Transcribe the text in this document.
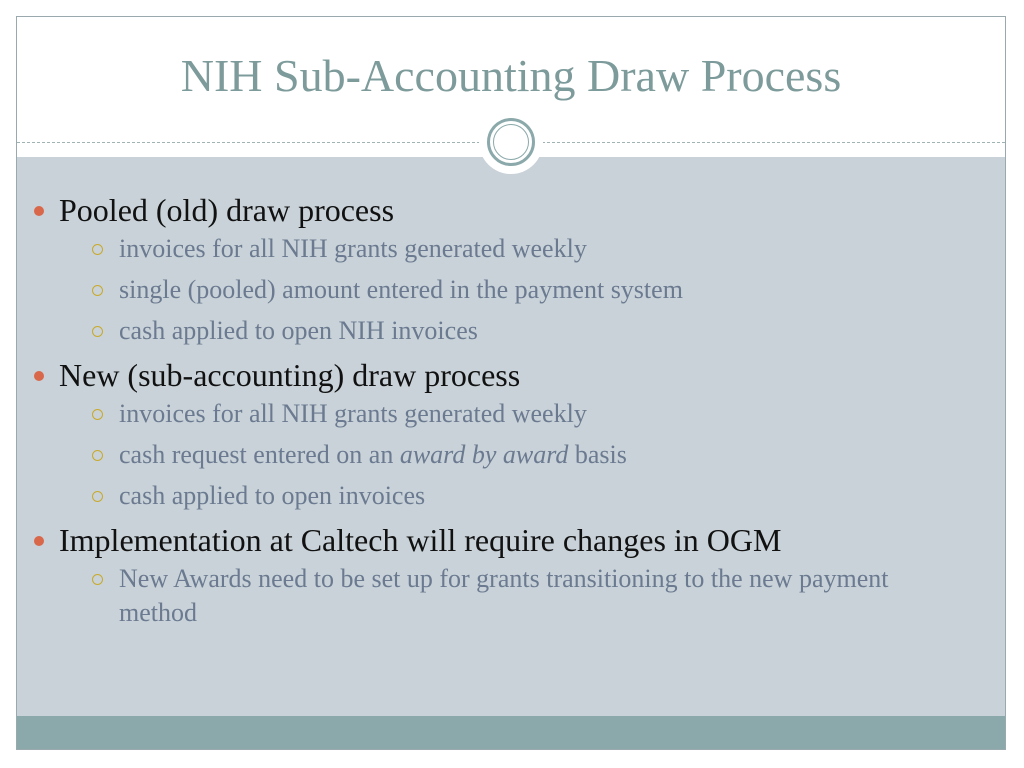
NIH Sub-Accounting Draw Process
Pooled (old) draw process
invoices for all NIH grants generated weekly
single (pooled) amount entered in the payment system
cash applied to open NIH invoices
New (sub-accounting) draw process
invoices for all NIH grants generated weekly
cash request entered on an award by award basis
cash applied to open invoices
Implementation at Caltech will require changes in OGM
New Awards need to be set up for grants transitioning to the new payment method
